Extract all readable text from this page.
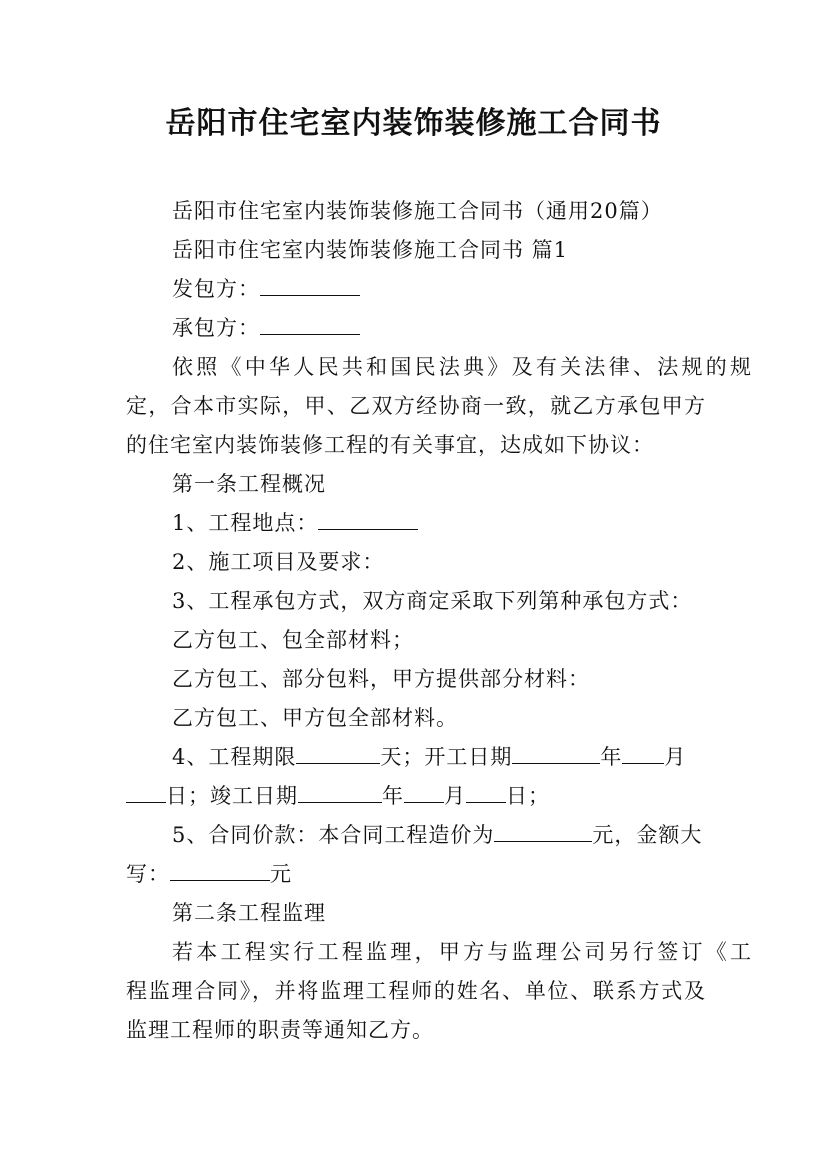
岳阳市住宅室内装饰装修施工合同书
岳阳市住宅室内装饰装修施工合同书（通用20篇）
岳阳市住宅室内装饰装修施工合同书 篇1
发包方：
承包方：
依照《中华人民共和国民法典》及有关法律、法规的规
定，合本市实际，甲、乙双方经协商一致，就乙方承包甲方
的住宅室内装饰装修工程的有关事宜，达成如下协议：
第一条工程概况
1、工程地点：
2、施工项目及要求：
3、工程承包方式，双方商定采取下列第种承包方式：
乙方包工、包全部材料；
乙方包工、部分包料，甲方提供部分材料：
乙方包工、甲方包全部材料。
4、工程期限	天；开工日期	年 月
日；竣工日期	年 月 日；
5、合同价款：本合同工程造价为	元，金额大
写：	元
第二条工程监理
若本工程实行工程监理，甲方与监理公司另行签订《工
程监理合同》，并将监理工程师的姓名、单位、联系方式及
监理工程师的职责等通知乙方。
